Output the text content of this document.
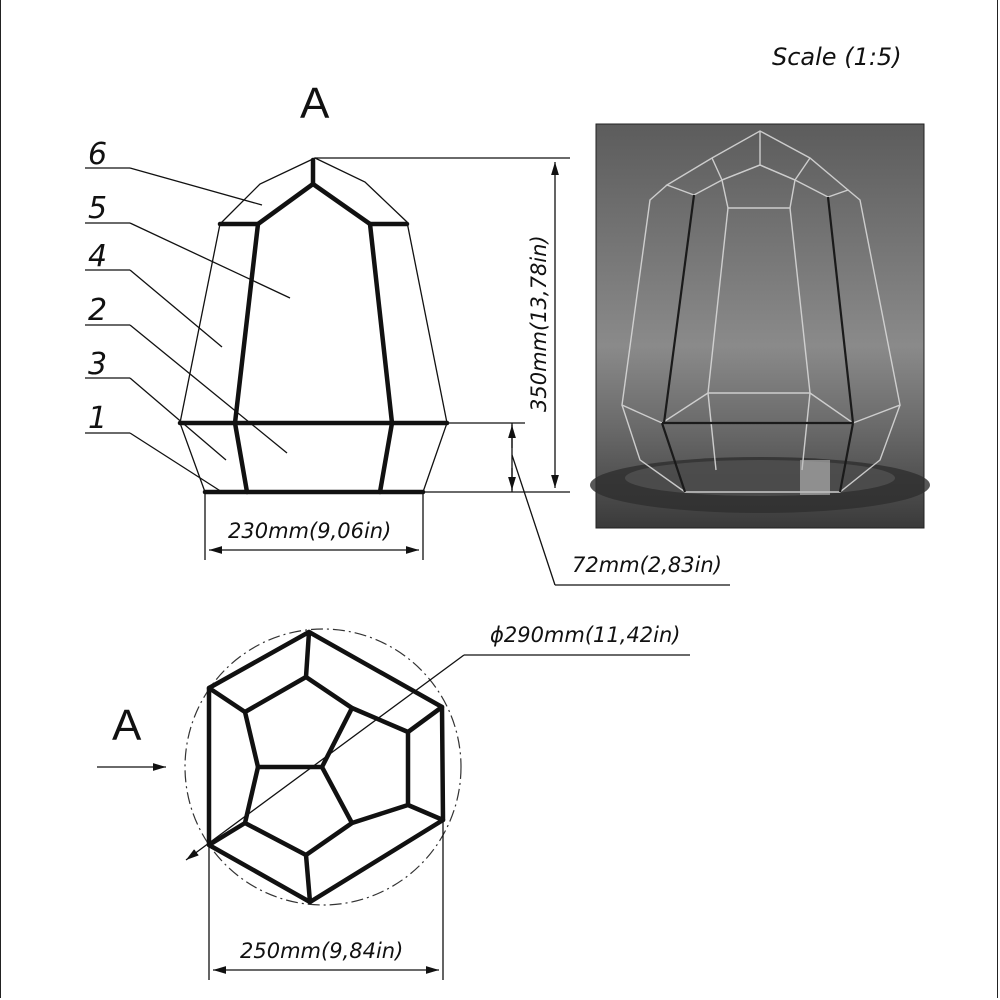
Scale (1:5)
A
6
5
4
2
3
1
350mm(13,78in)
72mm(2,83in)
230mm(9,06in)
ϕ290mm(11,42in)
A
250mm(9,84in)
